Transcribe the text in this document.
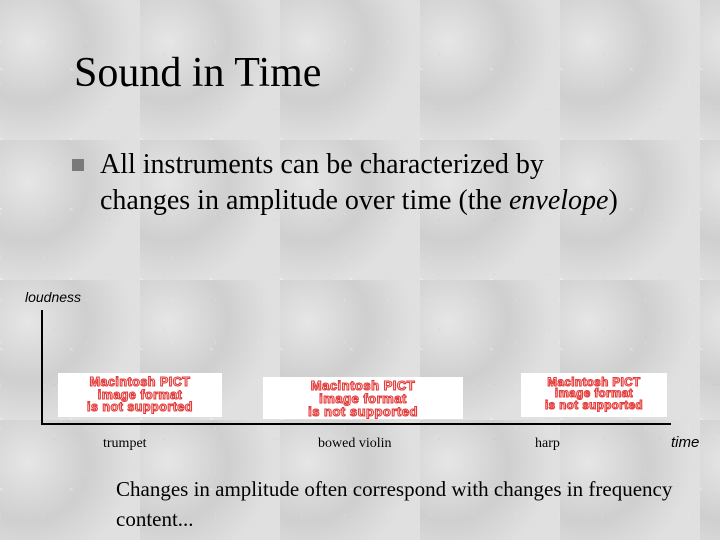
Sound in Time
All instruments can be characterized by changes in amplitude over time (the envelope)
loudness
time
Macintosh PICT
image format
is not supported
Macintosh PICT
image format
is not supported
Macintosh PICT
image format
is not supported
trumpet	bowed violin	harp
Changes in amplitude often correspond with changes in frequency content...
